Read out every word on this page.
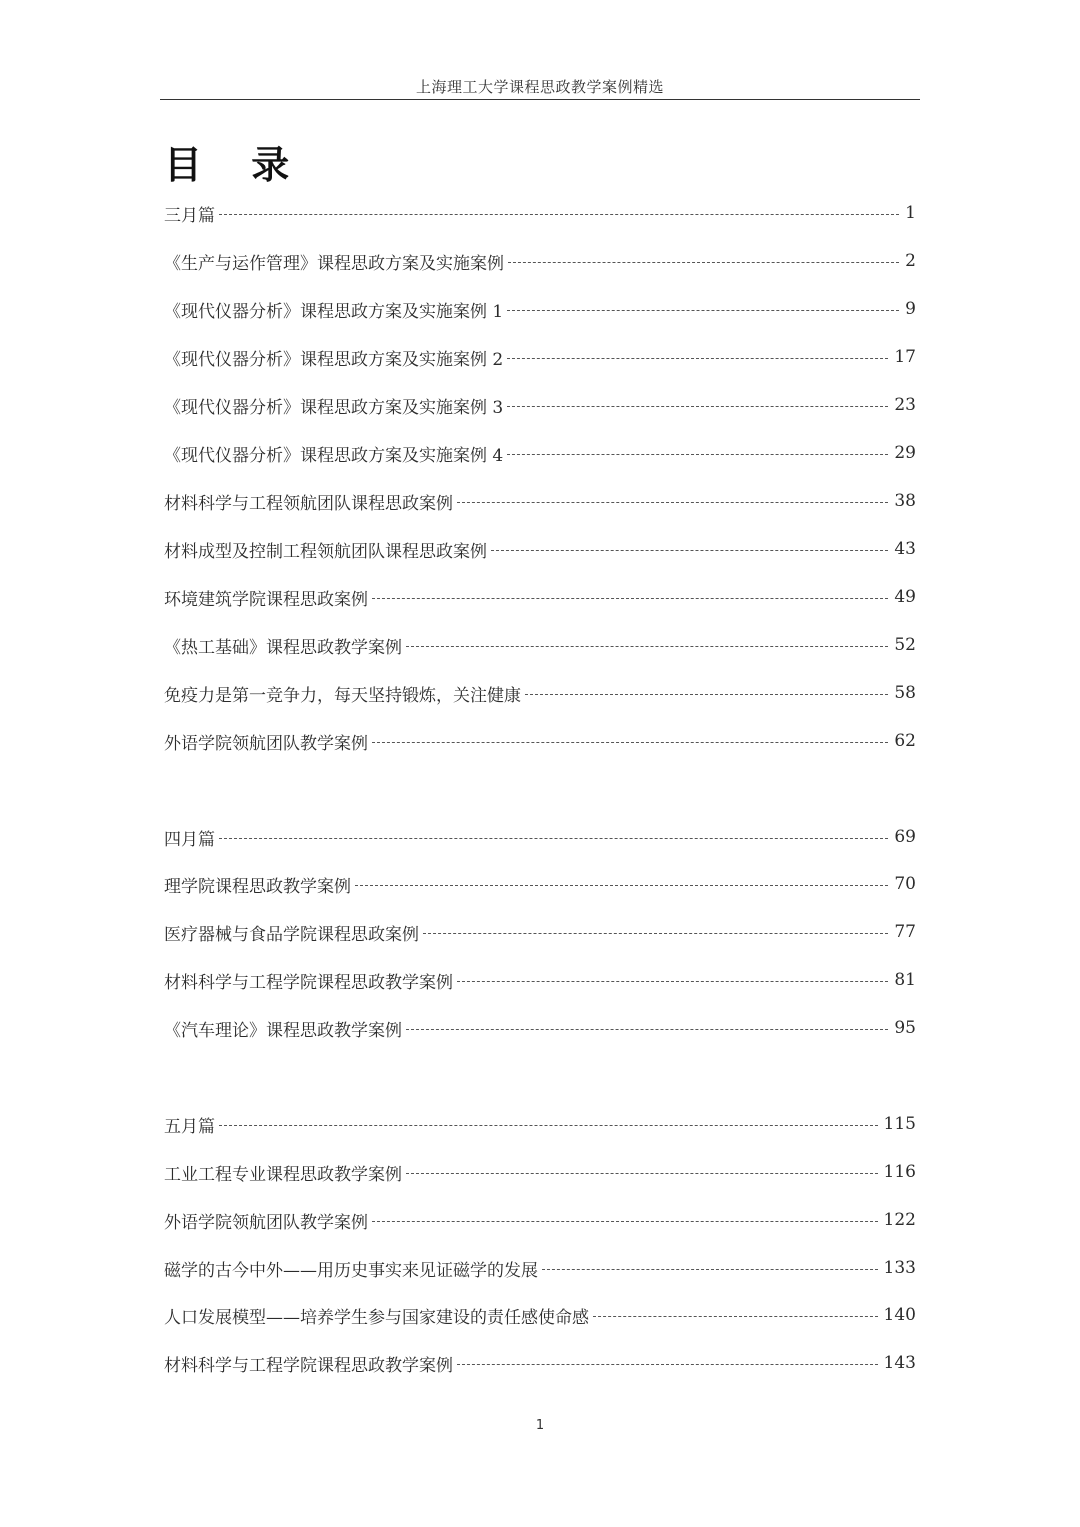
上海理工大学课程思政教学案例精选
目 录
三月篇	1
《生产与运作管理》课程思政方案及实施案例	2
《现代仪器分析》课程思政方案及实施案例 1	9
《现代仪器分析》课程思政方案及实施案例 2	17
《现代仪器分析》课程思政方案及实施案例 3	23
《现代仪器分析》课程思政方案及实施案例 4	29
材料科学与工程领航团队课程思政案例	38
材料成型及控制工程领航团队课程思政案例	43
环境建筑学院课程思政案例	49
《热工基础》课程思政教学案例	52
免疫力是第一竞争力，每天坚持锻炼，关注健康	58
外语学院领航团队教学案例	62
四月篇	69
理学院课程思政教学案例	70
医疗器械与食品学院课程思政案例	77
材料科学与工程学院课程思政教学案例	81
《汽车理论》课程思政教学案例	95
五月篇	115
工业工程专业课程思政教学案例	116
外语学院领航团队教学案例	122
磁学的古今中外——用历史事实来见证磁学的发展	133
人口发展模型——培养学生参与国家建设的责任感使命感	140
材料科学与工程学院课程思政教学案例	143
1
